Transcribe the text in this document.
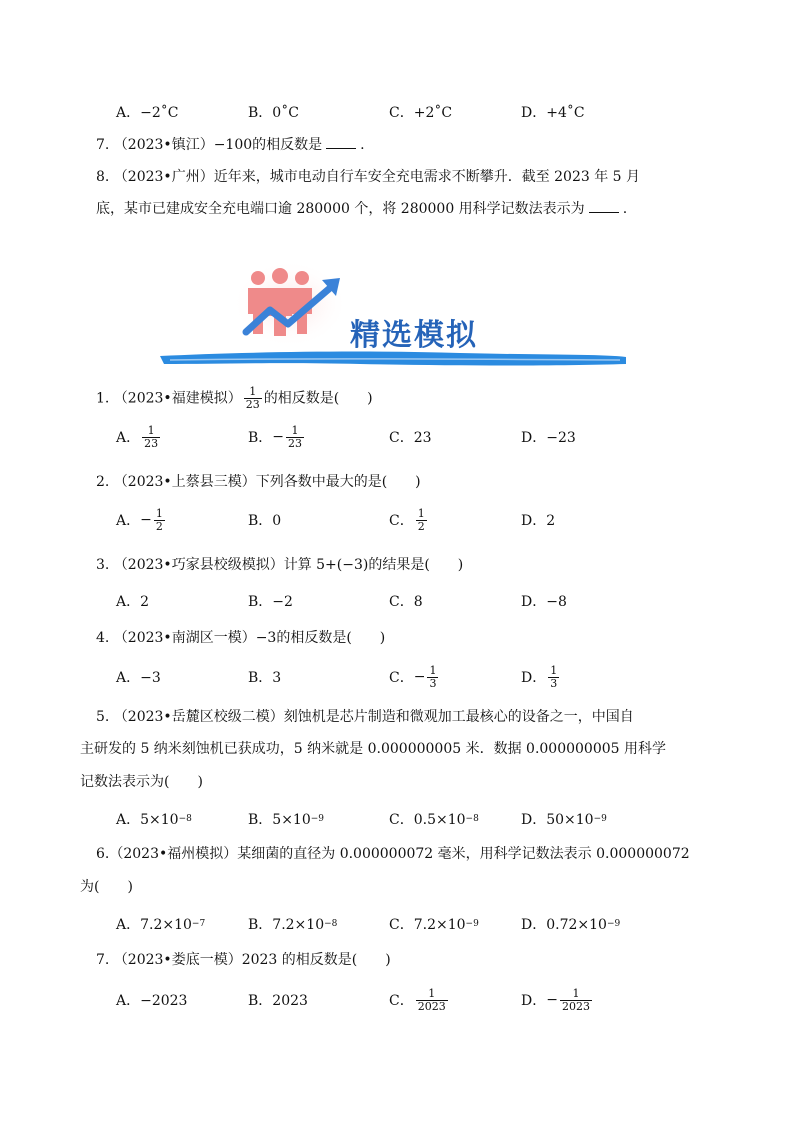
A．−2˚C	B．0˚C	C．+2˚C	D．+4˚C
7. （2023•镇江）−100的相反数是	.
8. （2023•广州）近年来，城市电动自行车安全充电需求不断攀升．截至 2023 年 5 月
底，某市已建成安全充电端口逾 280000 个，将 280000 用科学记数法表示为	.
精选模拟
1. （2023•福建模拟） $\frac{1}{23}$ 的相反数是(　　)
A． $\frac{1}{23}$	B． − $\frac{1}{23}$	C．23	D．−23
2. （2023•上蔡县三模）下列各数中最大的是(　　)
A． − $\frac{1}{2}$	B．0	C． $\frac{1}{2}$	D．2
3. （2023•巧家县校级模拟）计算 5+(−3)的结果是(　　)
A．2	B．−2	C．8	D．−8
4. （2023•南湖区一模）−3的相反数是(　　)
A．−3	B．3	C． − $\frac{1}{3}$	D． $\frac{1}{3}$
5. （2023•岳麓区校级二模）刻蚀机是芯片制造和微观加工最核心的设备之一，中国自
主研发的 5 纳米刻蚀机已获成功，5 纳米就是 0.000000005 米．数据 0.000000005 用科学
记数法表示为(　　)
A．5×10 −8	B．5×10 −9	C．0.5×10 −8	D．50×10 −9
6.（2023•福州模拟）某细菌的直径为 0.000000072 毫米，用科学记数法表示 0.000000072
为(　　)
A．7.2×10 −7	B．7.2×10 −8	C．7.2×10 −9	D．0.72×10 −9
7. （2023•娄底一模）2023 的相反数是(　　)
A．−2023	B．2023	C． $\frac{1}{2023}$	D． − $\frac{1}{2023}$
